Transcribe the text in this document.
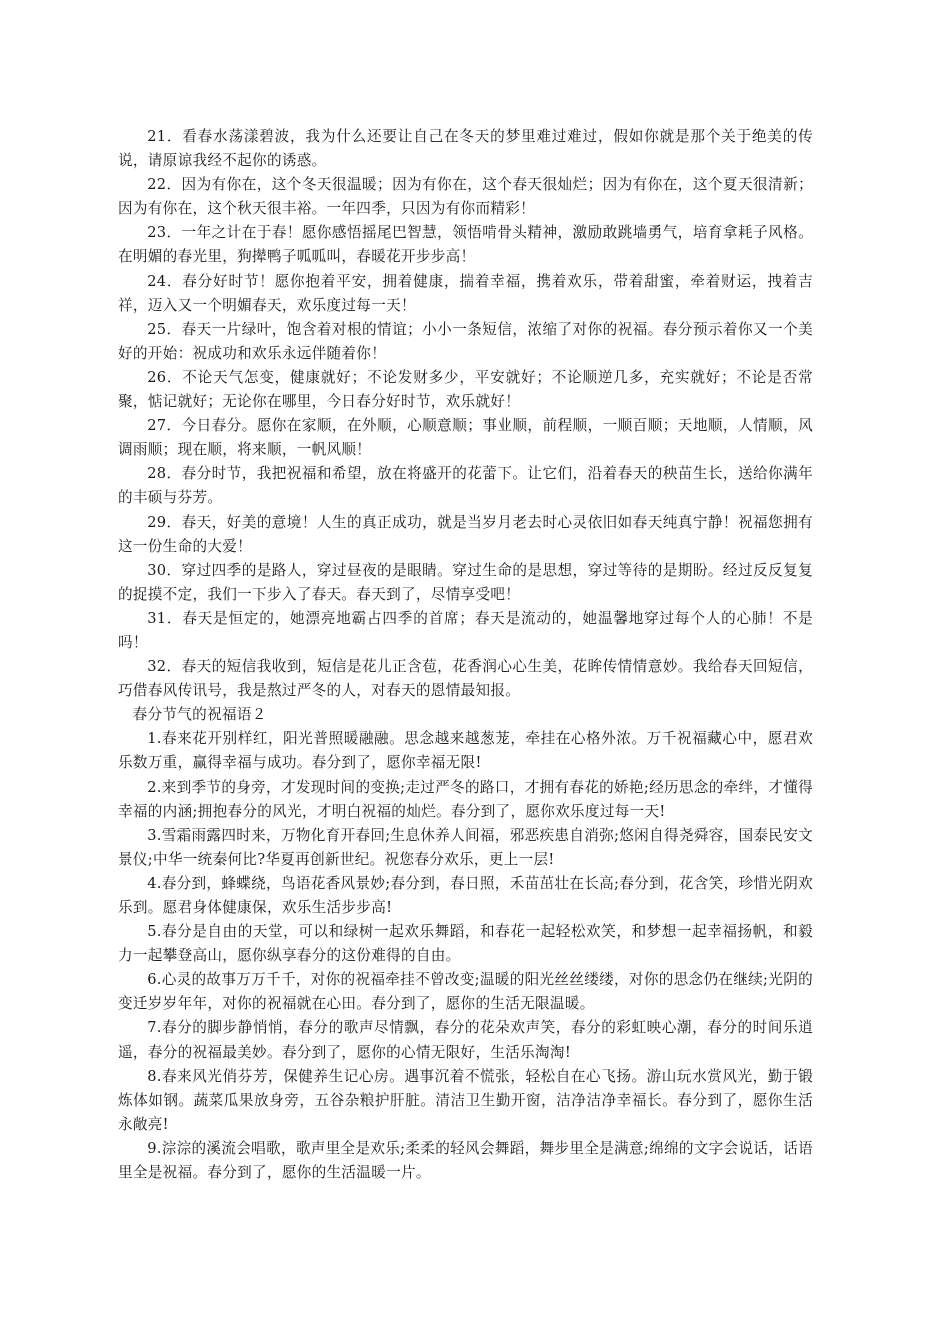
21．看春水荡漾碧波，我为什么还要让自己在冬天的梦里难过难过，假如你就是那个关于绝美的传说，请原谅我经不起你的诱惑。

22．因为有你在，这个冬天很温暖；因为有你在，这个春天很灿烂；因为有你在，这个夏天很清新；因为有你在，这个秋天很丰裕。一年四季，只因为有你而精彩！

23．一年之计在于春！愿你感悟摇尾巴智慧，领悟啃骨头精神，激励敢跳墙勇气，培育拿耗子风格。在明媚的春光里，狗撵鸭子呱呱叫，春暖花开步步高！

24．春分好时节！愿你抱着平安，拥着健康，揣着幸福，携着欢乐，带着甜蜜，牵着财运，拽着吉祥，迈入又一个明媚春天，欢乐度过每一天！

25．春天一片绿叶，饱含着对根的情谊；小小一条短信，浓缩了对你的祝福。春分预示着你又一个美好的开始：祝成功和欢乐永远伴随着你！

26．不论天气怎变，健康就好；不论发财多少，平安就好；不论顺逆几多，充实就好；不论是否常聚，惦记就好；无论你在哪里，今日春分好时节，欢乐就好！

27．今日春分。愿你在家顺，在外顺，心顺意顺；事业顺，前程顺，一顺百顺；天地顺，人情顺，风调雨顺；现在顺，将来顺，一帆风顺！

28．春分时节，我把祝福和希望，放在将盛开的花蕾下。让它们，沿着春天的秧苗生长，送给你满年的丰硕与芬芳。

29．春天，好美的意境！人生的真正成功，就是当岁月老去时心灵依旧如春天纯真宁静！祝福您拥有这一份生命的大爱！

30．穿过四季的是路人，穿过昼夜的是眼睛。穿过生命的是思想，穿过等待的是期盼。经过反反复复的捉摸不定，我们一下步入了春天。春天到了，尽情享受吧！

31．春天是恒定的，她漂亮地霸占四季的首席；春天是流动的，她温馨地穿过每个人的心肺！不是吗！

32．春天的短信我收到，短信是花儿正含苞，花香润心心生美，花眸传情情意妙。我给春天回短信，巧借春风传讯号，我是熬过严冬的人，对春天的恩情最知报。

春分节气的祝福语２

1.春来花开别样红，阳光普照暖融融。思念越来越葱茏，牵挂在心格外浓。万千祝福藏心中，愿君欢乐数万重，赢得幸福与成功。春分到了，愿你幸福无限!

2.来到季节的身旁，才发现时间的变换;走过严冬的路口，才拥有春花的娇艳;经历思念的牵绊，才懂得幸福的内涵;拥抱春分的风光，才明白祝福的灿烂。春分到了，愿你欢乐度过每一天!

3.雪霜雨露四时来，万物化育开春回;生息休养人间福，邪恶疾患自消弥;悠闲自得尧舜容，国泰民安文景仪;中华一统秦何比?华夏再创新世纪。祝您春分欢乐，更上一层!

4.春分到，蜂蝶绕，鸟语花香风景妙;春分到，春日照，禾苗茁壮在长高;春分到，花含笑，珍惜光阴欢乐到。愿君身体健康保，欢乐生活步步高!

5.春分是自由的天堂，可以和绿树一起欢乐舞蹈，和春花一起轻松欢笑，和梦想一起幸福扬帆，和毅力一起攀登高山，愿你纵享春分的这份难得的自由。

6.心灵的故事万万千千，对你的祝福牵挂不曾改变;温暖的阳光丝丝缕缕，对你的思念仍在继续;光阴的变迁岁岁年年，对你的祝福就在心田。春分到了，愿你的生活无限温暖。

7.春分的脚步静悄悄，春分的歌声尽情飘，春分的花朵欢声笑，春分的彩虹映心潮，春分的时间乐逍遥，春分的祝福最美妙。春分到了，愿你的心情无限好，生活乐淘淘!

8.春来风光俏芬芳，保健养生记心房。遇事沉着不慌张，轻松自在心飞扬。游山玩水赏风光，勤于锻炼体如钢。蔬菜瓜果放身旁，五谷杂粮护肝脏。清洁卫生勤开窗，洁净洁净幸福长。春分到了，愿你生活永敞亮!

9.淙淙的溪流会唱歌，歌声里全是欢乐;柔柔的轻风会舞蹈，舞步里全是满意;绵绵的文字会说话，话语里全是祝福。春分到了，愿你的生活温暖一片。
